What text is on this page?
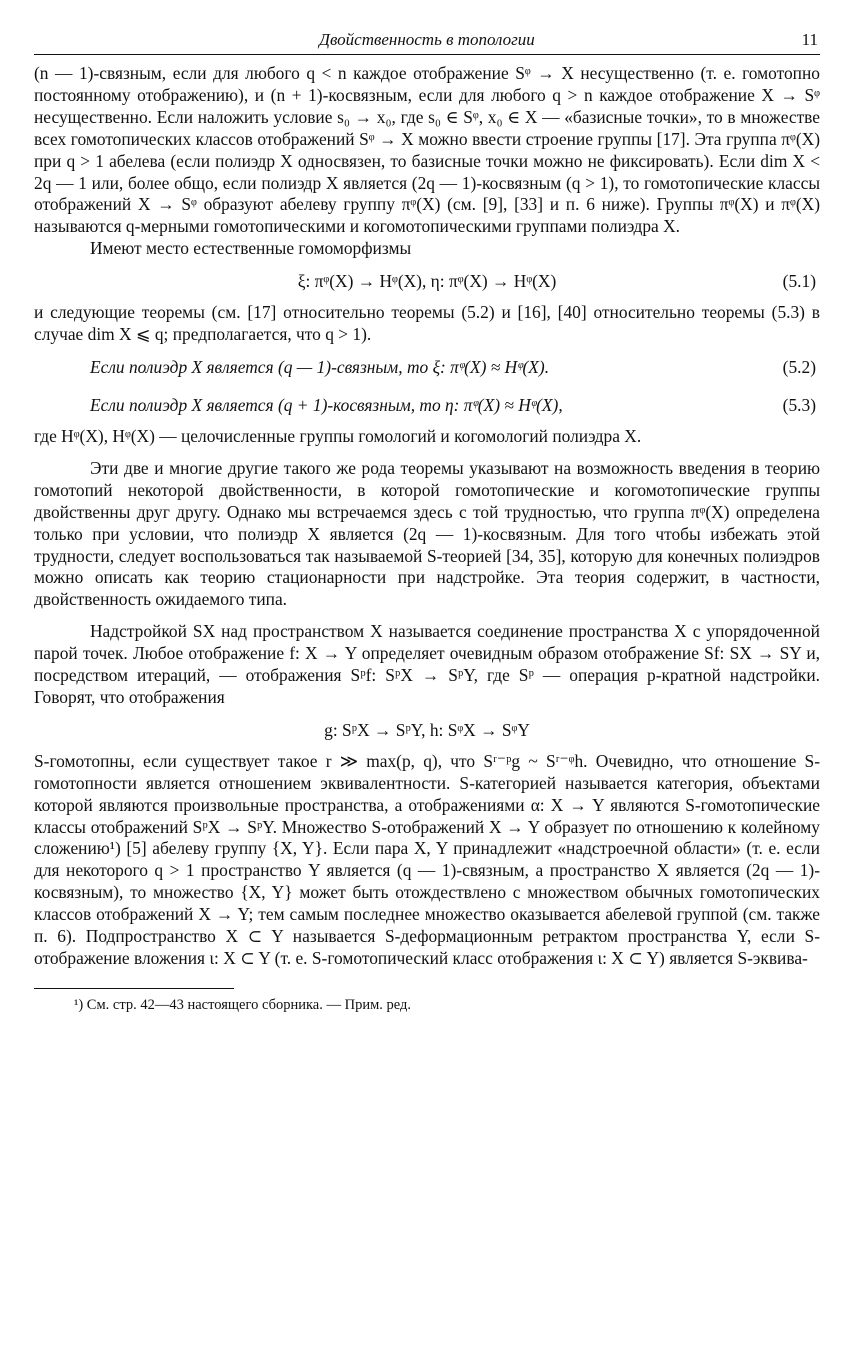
Двойственность в топологии	11

(n — 1)-связным, если для любого q < n каждое отображение Sᵠ → X несущественно (т. е. гомотопно постоянному отображению), и (n + 1)-косвязным, если для любого q > n каждое отображение X → Sᵠ несущественно. Если наложить условие s₀ → x₀, где s₀ ∈ Sᵠ, x₀ ∈ X — «базисные точки», то в множестве всех гомотопических классов отображений Sᵠ → X можно ввести строение группы [17]. Эта группа πᵠ(X) при q > 1 абелева (если полиэдр X односвязен, то базисные точки можно не фиксировать). Если dim X < 2q — 1 или, более общо, если полиэдр X является (2q — 1)-косвязным (q > 1), то гомотопические классы отображений X → Sᵠ образуют абелеву группу πᵠ(X) (см. [9], [33] и п. 6 ниже). Группы πᵠ(X) и πᵠ(X) называются q-мерными гомотопическими и когомотопическими группами полиэдра X.

Имеют место естественные гомоморфизмы

ξ: πᵠ(X) → Hᵠ(X), η: πᵠ(X) → Hᵠ(X)	(5.1)

и следующие теоремы (см. [17] относительно теоремы (5.2) и [16], [40] относительно теоремы (5.3) в случае dim X ⩽ q; предполагается, что q > 1).

Если полиэдр X является (q — 1)-связным, то ξ: πᵠ(X) ≈ Hᵠ(X).	(5.2)
Если полиэдр X является (q + 1)-косвязным, то η: πᵠ(X) ≈ Hᵠ(X),	(5.3)

где Hᵠ(X), Hᵠ(X) — целочисленные группы гомологий и когомологий полиэдра X.

Эти две и многие другие такого же рода теоремы указывают на возможность введения в теорию гомотопий некоторой двойственности, в которой гомотопические и когомотопические группы двойственны друг другу. Однако мы встречаемся здесь с той трудностью, что группа πᵠ(X) определена только при условии, что полиэдр X является (2q — 1)-косвязным. Для того чтобы избежать этой трудности, следует воспользоваться так называемой S-теорией [34, 35], которую для конечных полиэдров можно описать как теорию стационарности при надстройке. Эта теория содержит, в частности, двойственность ожидаемого типа.

Надстройкой SX над пространством X называется соединение пространства X с упорядоченной парой точек. Любое отображение f: X → Y определяет очевидным образом отображение Sf: SX → SY и, посредством итераций, — отображения Sᵖf: SᵖX → SᵖY, где Sᵖ — операция p-кратной надстройки. Говорят, что отображения

g: SᵖX → SᵖY, h: SᵠX → SᵠY

S-гомотопны, если существует такое r ≫ max(p, q), что Sʳ⁻ᵖg ~ Sʳ⁻ᵠh. Очевидно, что отношение S-гомотопности является отношением эквивалентности. S-категорией называется категория, объектами которой являются произвольные пространства, а отображениями α: X → Y являются S-гомотопические классы отображений SᵖX → SᵖY. Множество S-отображений X → Y образует по отношению к колейному сложению¹) [5] абелеву группу {X, Y}. Если пара X, Y принадлежит «надстроечной области» (т. е. если для некоторого q > 1 пространство Y является (q — 1)-связным, а пространство X является (2q — 1)-косвязным), то множество {X, Y} может быть отождествлено с множеством обычных гомотопических классов отображений X → Y; тем самым последнее множество оказывается абелевой группой (см. также п. 6). Подпространство X ⊂ Y называется S-деформационным ретрактом пространства Y, если S-отображение вложения ι: X ⊂ Y (т. е. S-гомотопический класс отображения ι: X ⊂ Y) является S-эквива-

¹) См. стр. 42—43 настоящего сборника. — Прим. ред.
